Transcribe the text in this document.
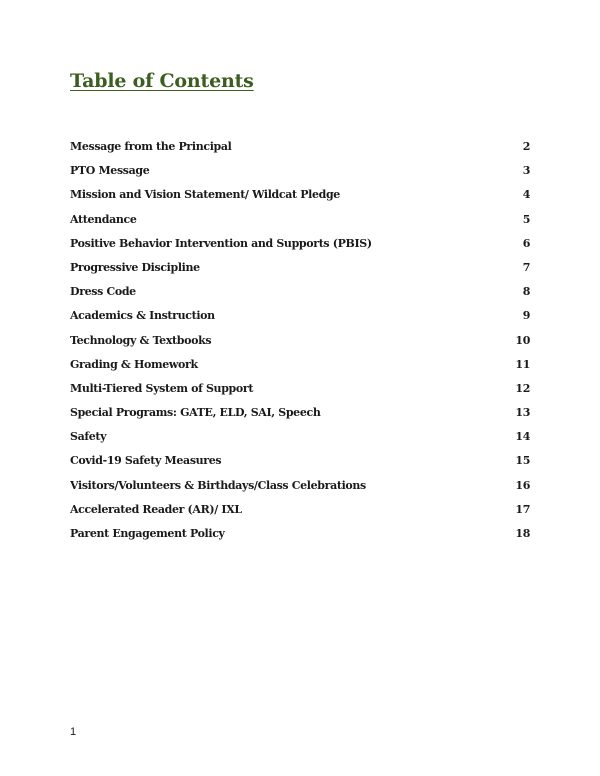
Table of Contents
Message from the Principal	2
PTO Message	3
Mission and Vision Statement/ Wildcat Pledge	4
Attendance	5
Positive Behavior Intervention and Supports (PBIS)	6
Progressive Discipline	7
Dress Code	8
Academics & Instruction	9
Technology & Textbooks	10
Grading & Homework	11
Multi-Tiered System of Support	12
Special Programs: GATE, ELD, SAI, Speech	13
Safety	14
Covid-19 Safety Measures	15
Visitors/Volunteers & Birthdays/Class Celebrations	16
Accelerated Reader (AR)/ IXL	17
Parent Engagement Policy	18
1
